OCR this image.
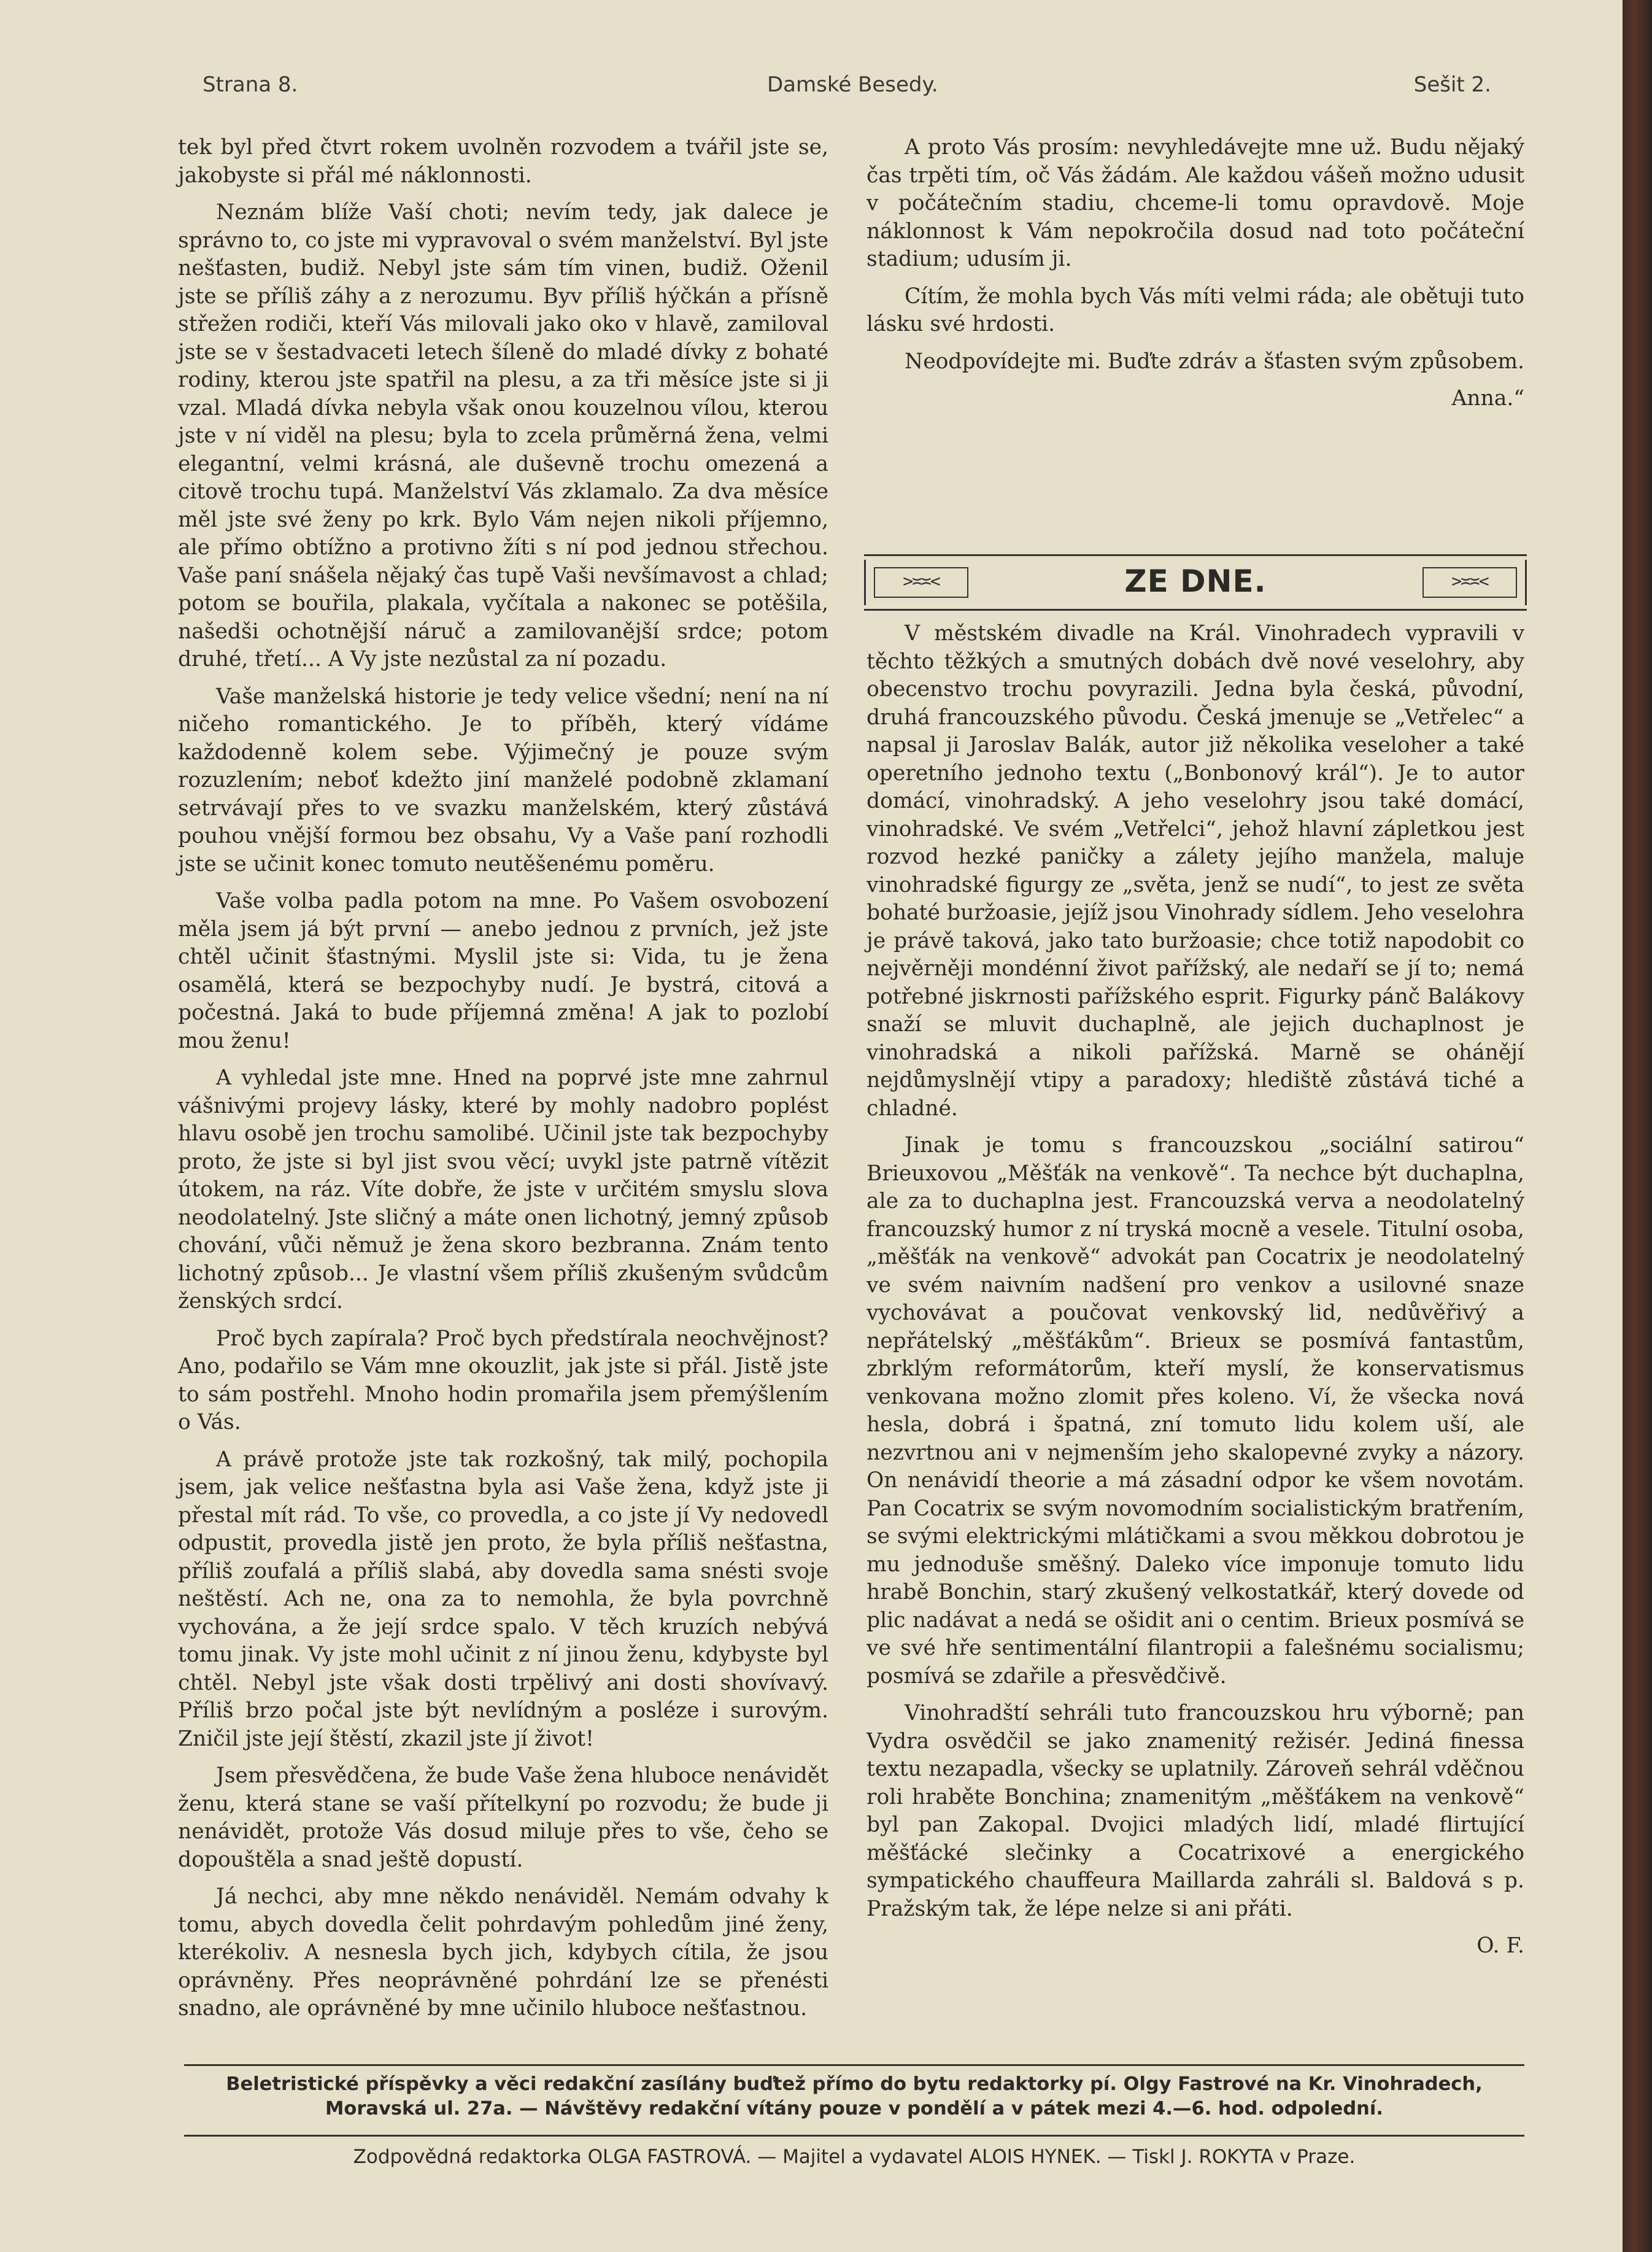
Strana 8.	Damské Besedy.	Sešit 2.

tek byl před čtvrt rokem uvolněn rozvodem a tvářil jste se, jakobyste si přál mé náklonnosti.

Neznám blíže Vaší choti; nevím tedy, jak dalece je správno to, co jste mi vypravoval o svém manželství. Byl jste nešťasten, budiž. Nebyl jste sám tím vinen, budiž. Oženil jste se příliš záhy a z nerozumu. Byv příliš hýčkán a přísně střežen rodiči, kteří Vás milovali jako oko v hlavě, zamiloval jste se v šestadvaceti letech šíleně do mladé dívky z bohaté rodiny, kterou jste spatřil na plesu, a za tři měsíce jste si ji vzal. Mladá dívka nebyla však onou kouzelnou vílou, kterou jste v ní viděl na plesu; byla to zcela průměrná žena, velmi elegantní, velmi krásná, ale duševně trochu omezená a citově trochu tupá. Manželství Vás zklamalo. Za dva měsíce měl jste své ženy po krk. Bylo Vám nejen nikoli příjemno, ale přímo obtížno a protivno žíti s ní pod jednou střechou. Vaše paní snášela nějaký čas tupě Vaši nevšímavost a chlad; potom se bouřila, plakala, vyčítala a nakonec se potěšila, našedši ochotnější náruč a zamilovanější srdce; potom druhé, třetí... A Vy jste nezůstal za ní pozadu.

Vaše manželská historie je tedy velice všední; není na ní ničeho romantického. Je to příběh, který vídáme každodenně kolem sebe. Výjimečný je pouze svým rozuzlením; neboť kdežto jiní manželé podobně zklamaní setrvávají přes to ve svazku manželském, který zůstává pouhou vnější formou bez obsahu, Vy a Vaše paní rozhodli jste se učinit konec tomuto neutěšenému poměru.

Vaše volba padla potom na mne. Po Vašem osvobození měla jsem já být první — anebo jednou z prvních, jež jste chtěl učinit šťastnými. Myslil jste si: Vida, tu je žena osamělá, která se bezpochyby nudí. Je bystrá, citová a počestná. Jaká to bude příjemná změna! A jak to pozlobí mou ženu!

A vyhledal jste mne. Hned na poprvé jste mne zahrnul vášnivými projevy lásky, které by mohly nadobro poplést hlavu osobě jen trochu samolibé. Učinil jste tak bezpochyby proto, že jste si byl jist svou věcí; uvykl jste patrně vítězit útokem, na ráz. Víte dobře, že jste v určitém smyslu slova neodolatelný. Jste sličný a máte onen lichotný, jemný způsob chování, vůči němuž je žena skoro bezbranna. Znám tento lichotný způsob... Je vlastní všem příliš zkušeným svůdcům ženských srdcí.

Proč bych zapírala? Proč bych předstírala neochvějnost? Ano, podařilo se Vám mne okouzlit, jak jste si přál. Jistě jste to sám postřehl. Mnoho hodin promařila jsem přemýšlením o Vás.

A právě protože jste tak rozkošný, tak milý, pochopila jsem, jak velice nešťastna byla asi Vaše žena, když jste ji přestal mít rád. To vše, co provedla, a co jste jí Vy nedovedl odpustit, provedla jistě jen proto, že byla příliš nešťastna, příliš zoufalá a příliš slabá, aby dovedla sama snésti svoje neštěstí. Ach ne, ona za to nemohla, že byla povrchně vychována, a že její srdce spalo. V těch kruzích nebývá tomu jinak. Vy jste mohl učinit z ní jinou ženu, kdybyste byl chtěl. Nebyl jste však dosti trpělivý ani dosti shovívavý. Příliš brzo počal jste být nevlídným a posléze i surovým. Zničil jste její štěstí, zkazil jste jí život!

Jsem přesvědčena, že bude Vaše žena hluboce nenávidět ženu, která stane se vaší přítelkyní po rozvodu; že bude ji nenávidět, protože Vás dosud miluje přes to vše, čeho se dopouštěla a snad ještě dopustí.

Já nechci, aby mne někdo nenáviděl. Nemám odvahy k tomu, abych dovedla čelit pohrdavým pohledům jiné ženy, kterékoliv. A nesnesla bych jich, kdybych cítila, že jsou oprávněny. Přes neoprávněné pohrdání lze se přenésti snadno, ale oprávněné by mne učinilo hluboce nešťastnou.

A proto Vás prosím: nevyhledávejte mne už. Budu nějaký čas trpěti tím, oč Vás žádám. Ale každou vášeň možno udusit v počátečním stadiu, chceme-li tomu opravdově. Moje náklonnost k Vám nepokročila dosud nad toto počáteční stadium; udusím ji.

Cítím, že mohla bych Vás míti velmi ráda; ale obětuji tuto lásku své hrdosti.

Neodpovídejte mi. Buďte zdráv a šťasten svým způsobem.

Anna.“

>≍≍<	ZE DNE.	>≍≍<

V městském divadle na Král. Vinohradech vypravili v těchto těžkých a smutných dobách dvě nové veselohry, aby obecenstvo trochu povyrazili. Jedna byla česká, původní, druhá francouzského původu. Česká jmenuje se „Vetřelec“ a napsal ji Jaroslav Balák, autor již několika veseloher a také operetního jednoho textu („Bonbonový král“). Je to autor domácí, vinohradský. A jeho veselohry jsou také domácí, vinohradské. Ve svém „Vetřelci“, jehož hlavní zápletkou jest rozvod hezké paničky a zálety jejího manžela, maluje vinohradské figurgy ze „světa, jenž se nudí“, to jest ze světa bohaté buržoasie, jejíž jsou Vinohrady sídlem. Jeho veselohra je právě taková, jako tato buržoasie; chce totiž napodobit co nejvěrněji mondénní život pařížský, ale nedaří se jí to; nemá potřebné jiskrnosti pařížského esprit. Figurky pánč Balákovy snaží se mluvit duchaplně, ale jejich duchaplnost je vinohradská a nikoli pařížská. Marně se ohánějí nejdůmyslnějí vtipy a paradoxy; hlediště zůstává tiché a chladné.

Jinak je tomu s francouzskou „sociální satirou“ Brieuxovou „Měšťák na venkově“. Ta nechce být duchaplna, ale za to duchaplna jest. Francouzská verva a neodolatelný francouzský humor z ní tryská mocně a vesele. Titulní osoba, „měšťák na venkově“ advokát pan Cocatrix je neodolatelný ve svém naivním nadšení pro venkov a usilovné snaze vychovávat a poučovat venkovský lid, nedůvěřivý a nepřátelský „měšťákům“. Brieux se posmívá fantastům, zbrklým reformátorům, kteří myslí, že konservatismus venkovana možno zlomit přes koleno. Ví, že všecka nová hesla, dobrá i špatná, zní tomuto lidu kolem uší, ale nezvrtnou ani v nejmenším jeho skalopevné zvyky a názory. On nenávidí theorie a má zásadní odpor ke všem novotám. Pan Cocatrix se svým novomodním socialistickým bratřením, se svými elektrickými mlátičkami a svou měkkou dobrotou je mu jednoduše směšný. Daleko více imponuje tomuto lidu hrabě Bonchin, starý zkušený velkostatkář, který dovede od plic nadávat a nedá se ošidit ani o centim. Brieux posmívá se ve své hře sentimentální filantropii a falešnému socialismu; posmívá se zdařile a přesvědčivě.

Vinohradští sehráli tuto francouzskou hru výborně; pan Vydra osvědčil se jako znamenitý režisér. Jediná finessa textu nezapadla, všecky se uplatnily. Zároveň sehrál vděčnou roli hraběte Bonchina; znamenitým „měšťákem na venkově“ byl pan Zakopal. Dvojici mladých lidí, mladé flirtující měšťácké slečinky a Cocatrixové a energického sympatického chauffeura Maillarda zahráli sl. Baldová s p. Pražským tak, že lépe nelze si ani přáti.

O. F.

Beletristické příspěvky a věci redakční zasílány buďtež přímo do bytu redaktorky pí. Olgy Fastrové na Kr. Vinohradech,
Moravská ul. 27a. — Návštěvy redakční vítány pouze v pondělí a v pátek mezi 4.—6. hod. odpolední.
Zodpovědná redaktorka OLGA FASTROVÁ. — Majitel a vydavatel ALOIS HYNEK. — Tiskl J. ROKYTA v Praze.
